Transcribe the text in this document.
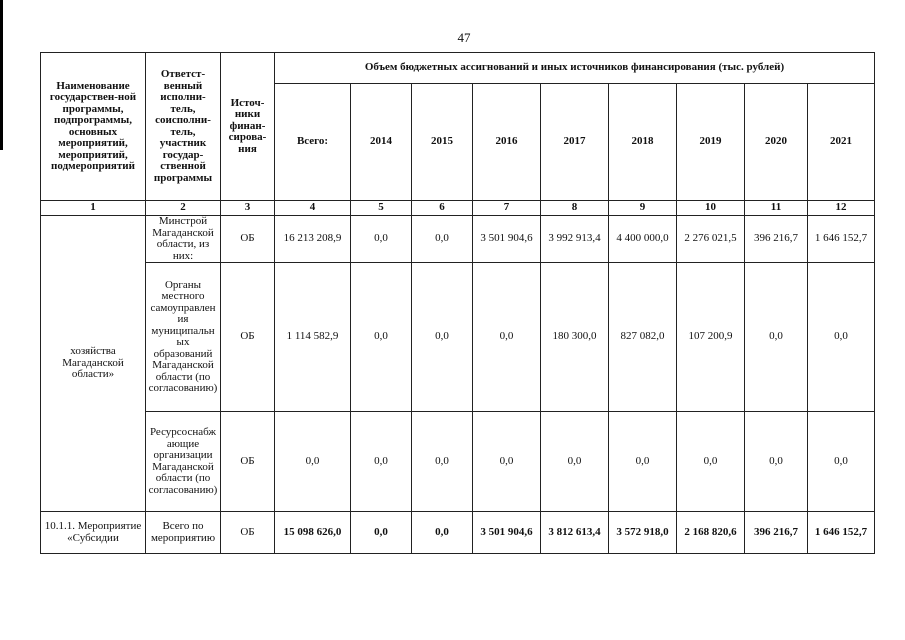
47
Наименование государствен-ной программы, подпрограммы, основных мероприятий, мероприятий, подмероприятий	Ответст-венный исполни-тель, соисполни-тель, участник государ-ственной программы	Источ-ники финан-сирова-ния	Объем бюджетных ассигнований и иных источников финансирования (тыс. рублей)								
			Всего:	2014	2015	2016	2017	2018	2019	2020	2021
1	2	3	4	5	6	7	8	9	10	11	12
хозяйства Магаданской области»	Минстрой Магаданской области, из них:	ОБ	16 213 208,9	0,0	0,0	3 501 904,6	3 992 913,4	4 400 000,0	2 276 021,5	396 216,7	1 646 152,7
	Органы местного самоуправления муниципальных образований Магаданской области (по согласованию)	ОБ	1 114 582,9	0,0	0,0	0,0	180 300,0	827 082,0	107 200,9	0,0	0,0
	Ресурсоснабжающие организации Магаданской области (по согласованию)	ОБ	0,0	0,0	0,0	0,0	0,0	0,0	0,0	0,0	0,0
10.1.1. Мероприятие «Субсидии	Всего по мероприятию	ОБ	15 098 626,0	0,0	0,0	3 501 904,6	3 812 613,4	3 572 918,0	2 168 820,6	396 216,7	1 646 152,7
